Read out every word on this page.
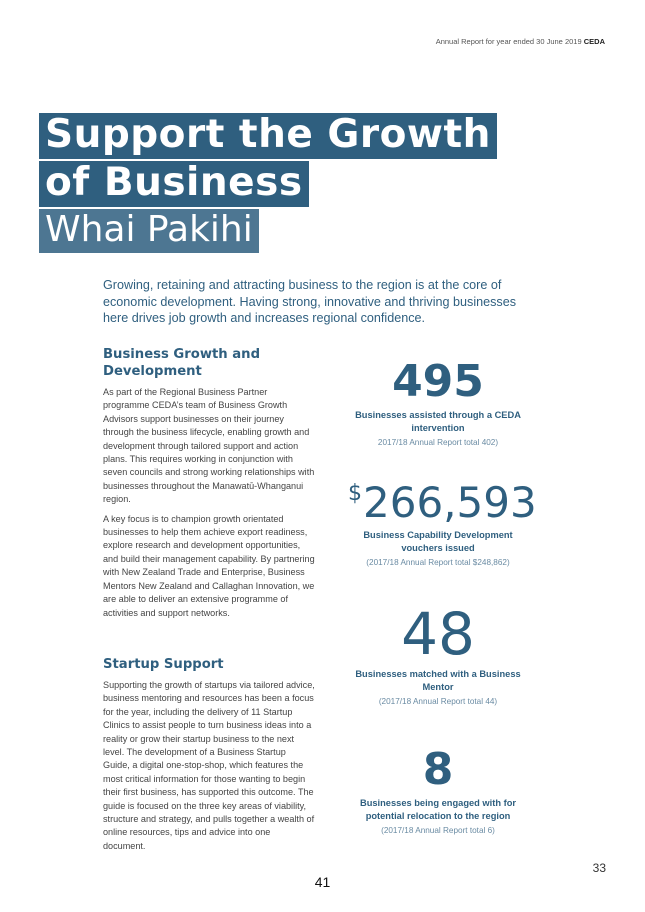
Annual Report for year ended 30 June 2019 CEDA
Support the Growth
of Business
Whai Pakihi
Growing, retaining and attracting business to the region is at the core of economic development. Having strong, innovative and thriving businesses here drives job growth and increases regional confidence.
Business Growth and Development

As part of the Regional Business Partner programme CEDA’s team of Business Growth Advisors support businesses on their journey through the business lifecycle, enabling growth and development through tailored support and action plans. This requires working in conjunction with seven councils and strong working relationships with businesses throughout the Manawatū-Whanganui region.

A key focus is to champion growth orientated businesses to help them achieve export readiness, explore research and development opportunities, and build their management capability. By partnering with New Zealand Trade and Enterprise, Business Mentors New Zealand and Callaghan Innovation, we are able to deliver an extensive programme of activities and support networks.

Startup Support

Supporting the growth of startups via tailored advice, business mentoring and resources has been a focus for the year, including the delivery of 11 Startup Clinics to assist people to turn business ideas into a reality or grow their startup business to the next level. The development of a Business Startup Guide, a digital one-stop-shop, which features the most critical information for those wanting to begin their first business, has supported this outcome. The guide is focused on the three key areas of viability, structure and strategy, and pulls together a wealth of online resources, tips and advice into one document.

495
Businesses assisted through a CEDA intervention
2017/18 Annual Report total 402)
$266,593
Business Capability Development vouchers issued
(2017/18 Annual Report total $248,862)
48
Businesses matched with a Business Mentor
(2017/18 Annual Report total 44)
8
Businesses being engaged with for potential relocation to the region
(2017/18 Annual Report total 6)
33
41
